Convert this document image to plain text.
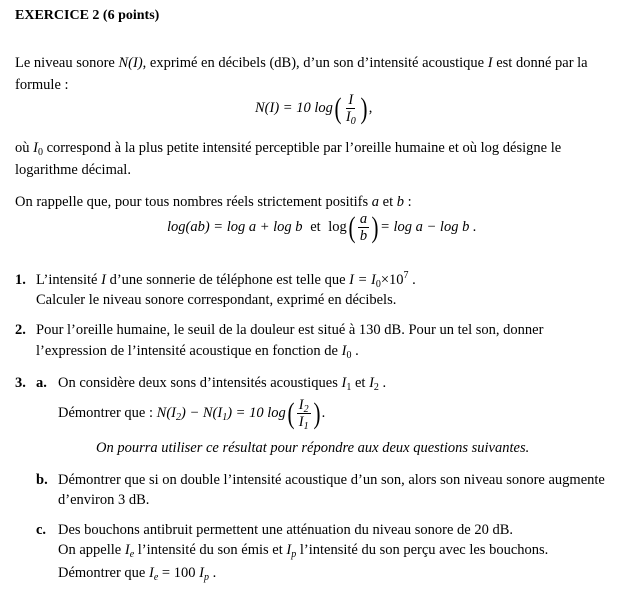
EXERCICE 2 (6 points)
Le niveau sonore N(I), exprimé en décibels (dB), d’un son d’intensité acoustique I est donné par la
formule :
N(I) = 10 $\log( \frac{I}{I_0}$ ) ,
où $I_0$ correspond à la plus petite intensité perceptible par l’oreille humaine et où log désigne le
logarithme décimal.
On rappelle que, pour tous nombres réels strictement positifs a et b :
log(ab) = log a + log b et $\log( \frac{a}{b}$ ) = log a − log b .
1. L’intensité I d’une sonnerie de téléphone est telle que $I = I_0\times 10^7$ .
Calculer le niveau sonore correspondant, exprimé en décibels.
2. Pour l’oreille humaine, le seuil de la douleur est situé à 130 dB. Pour un tel son, donner
l’expression de l’intensité acoustique en fonction de $I_0$ .
3. a. On considère deux sons d’intensités acoustiques $I_1$ et $I_2$ .
Démontrer que : $N(I_2) - N(I_1) = 10$ $\log( \frac{I_2}{I_1}$ ) .
On pourra utiliser ce résultat pour répondre aux deux questions suivantes.
b. Démontrer que si on double l’intensité acoustique d’un son, alors son niveau sonore augmente
d’environ 3 dB.
c. Des bouchons antibruit permettent une atténuation du niveau sonore de 20 dB.
On appelle $I_e$ l’intensité du son émis et $I_p$ l’intensité du son perçu avec les bouchons.
Démontrer que $I_e = 100$ $I_p$ .
